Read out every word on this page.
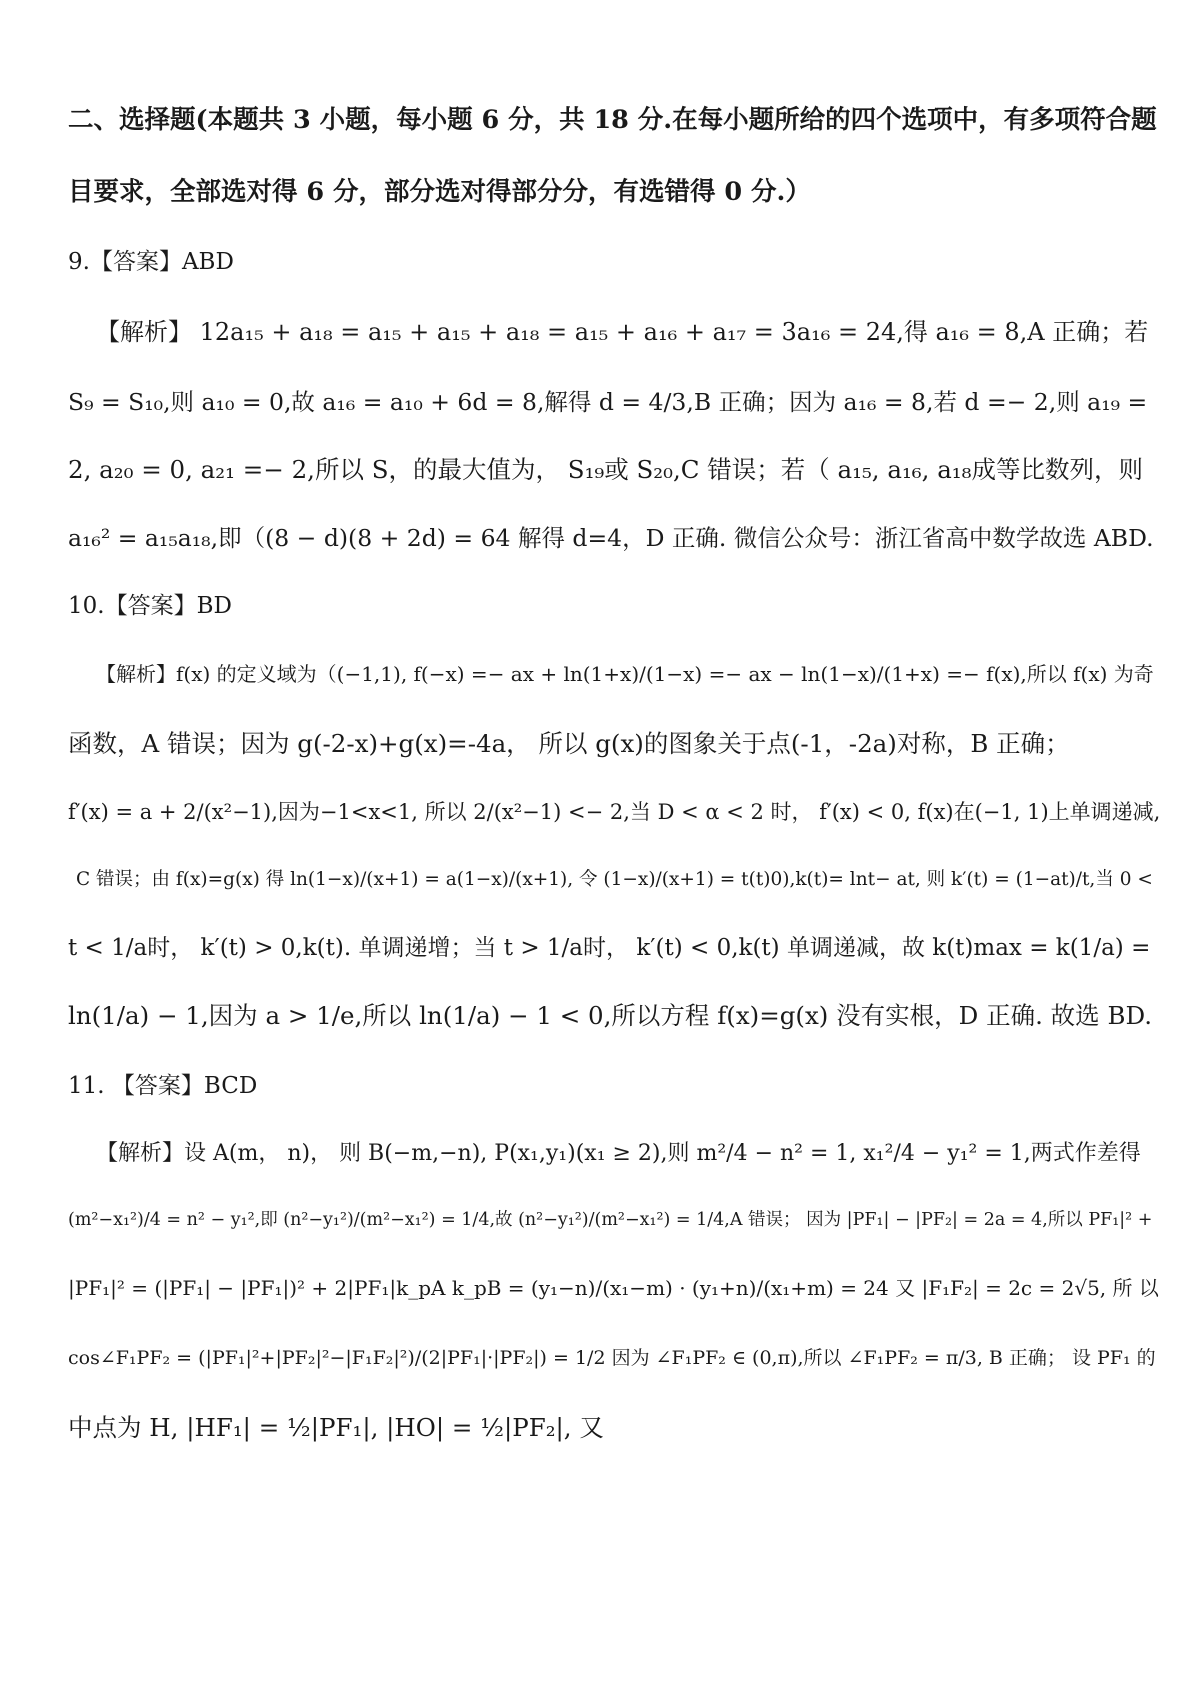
二、选择题(本题共 3 小题，每小题 6 分，共 18 分.在每小题所给的四个选项中，有多项符合题
目要求，全部选对得 6 分，部分选对得部分分，有选错得 0 分.）
9.【答案】ABD
【解析】 12a₁₅ + a₁₈ = a₁₅ + a₁₅ + a₁₈ = a₁₅ + a₁₆ + a₁₇ = 3a₁₆ = 24,得 a₁₆ = 8,A 正确；若
S₉ = S₁₀,则 a₁₀ = 0,故 a₁₆ = a₁₀ + 6d = 8,解得 d = 4/3,B 正确；因为 a₁₆ = 8,若 d =− 2,则 a₁₉ =
2, a₂₀ = 0, a₂₁ =− 2,所以 S，的最大值为， S₁₉或 S₂₀,C 错误；若（ a₁₅, a₁₆, a₁₈成等比数列，则
a₁₆² = a₁₅a₁₈,即（(8 − d)(8 + 2d) = 64 解得 d=4，D 正确. 微信公众号：浙江省高中数学故选 ABD.
10.【答案】BD
【解析】f(x) 的定义域为（(−1,1), f(−x) =− ax + ln(1+x)/(1−x) =− ax − ln(1−x)/(1+x) =− f(x),所以 f(x) 为奇
函数，A 错误；因为 g(-2-x)+g(x)=-4a， 所以 g(x)的图象关于点(-1，-2a)对称，B 正确；
f′(x) = a + 2/(x²−1),因为−1<x<1, 所以 2/(x²−1) <− 2,当 D < α < 2 时， f′(x) < 0, f(x)在(−1, 1)上单调递减,
C 错误；由 f(x)=g(x) 得 ln(1−x)/(x+1) = a(1−x)/(x+1), 令 (1−x)/(x+1) = t(t)0),k(t)= lnt− at, 则 k′(t) = (1−at)/t,当 0 <
t < 1/a时， k′(t) > 0,k(t). 单调递增；当 t > 1/a时， k′(t) < 0,k(t) 单调递减，故 k(t)max = k(1/a) =
ln(1/a) − 1,因为 a > 1/e,所以 ln(1/a) − 1 < 0,所以方程 f(x)=g(x) 没有实根，D 正确. 故选 BD.
11. 【答案】BCD
【解析】设 A(m， n)， 则 B(−m,−n), P(x₁,y₁)(x₁ ≥ 2),则 m²/4 − n² = 1, x₁²/4 − y₁² = 1,两式作差得
(m²−x₁²)/4 = n² − y₁²,即 (n²−y₁²)/(m²−x₁²) = 1/4,故 (n²−y₁²)/(m²−x₁²) = 1/4,A 错误； 因为 |PF₁| − |PF₂| = 2a = 4,所以 PF₁|² +
|PF₁|² = (|PF₁| − |PF₁|)² + 2|PF₁|k_pA k_pB = (y₁−n)/(x₁−m) · (y₁+n)/(x₁+m) = 24 又 |F₁F₂| = 2c = 2√5, 所 以
cos∠F₁PF₂ = (|PF₁|²+|PF₂|²−|F₁F₂|²)/(2|PF₁|·|PF₂|) = 1/2 因为 ∠F₁PF₂ ∈ (0,π),所以 ∠F₁PF₂ = π/3, B 正确； 设 PF₁ 的
中点为 H, |HF₁| = ½|PF₁|, |HO| = ½|PF₂|, 又
